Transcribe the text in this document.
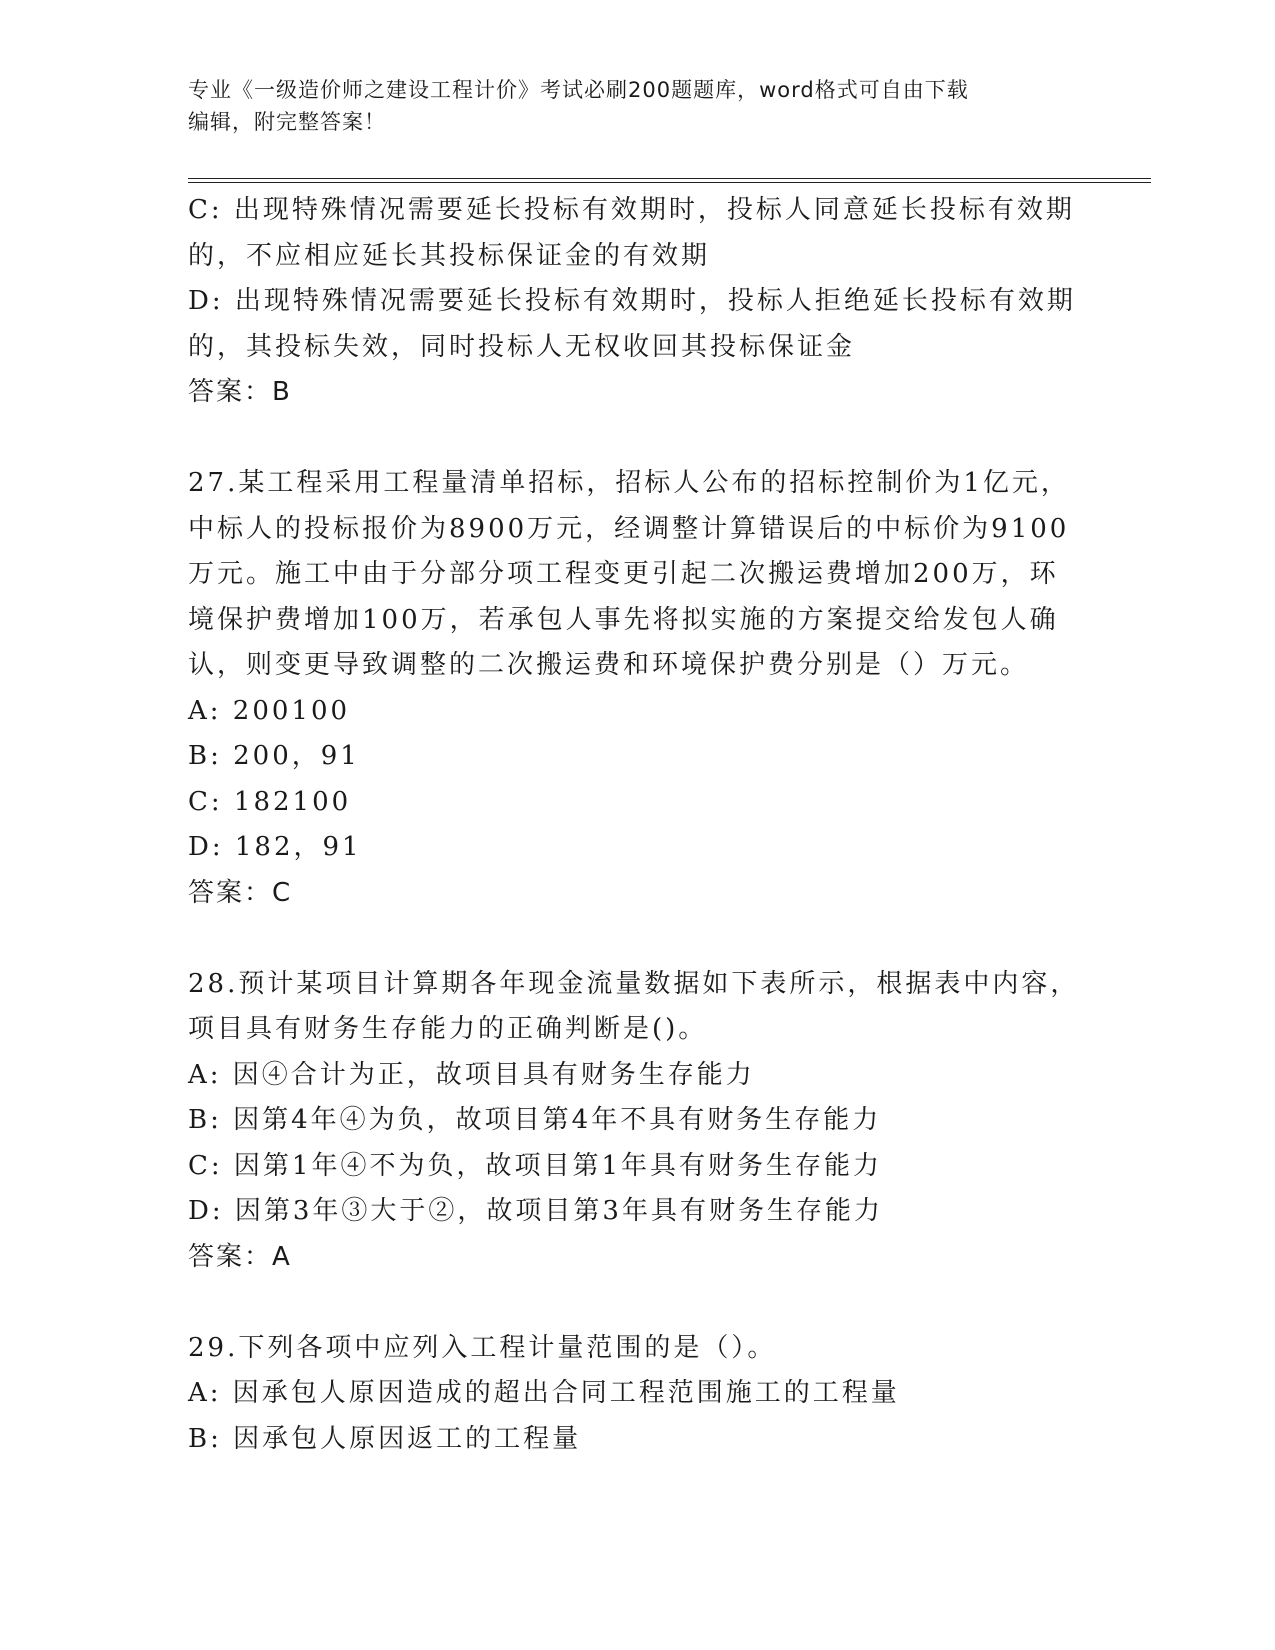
专业《一级造价师之建设工程计价》考试必刷200题题库，word格式可自由下载
编辑，附完整答案！
C: 出现特殊情况需要延长投标有效期时，投标人同意延长投标有效期
的，不应相应延长其投标保证金的有效期
D: 出现特殊情况需要延长投标有效期时，投标人拒绝延长投标有效期
的，其投标失效，同时投标人无权收回其投标保证金
答案：B
27.某工程采用工程量清单招标，招标人公布的招标控制价为1亿元，
中标人的投标报价为8900万元，经调整计算错误后的中标价为9100
万元。施工中由于分部分项工程变更引起二次搬运费增加200万，环
境保护费增加100万，若承包人事先将拟实施的方案提交给发包人确
认，则变更导致调整的二次搬运费和环境保护费分别是（）万元。
A: 200100
B: 200，91
C: 182100
D: 182，91
答案：C
28.预计某项目计算期各年现金流量数据如下表所示，根据表中内容，
项目具有财务生存能力的正确判断是()。
A: 因④合计为正，故项目具有财务生存能力
B: 因第4年④为负，故项目第4年不具有财务生存能力
C: 因第1年④不为负，故项目第1年具有财务生存能力
D: 因第3年③大于②，故项目第3年具有财务生存能力
答案：A
29.下列各项中应列入工程计量范围的是（）。
A: 因承包人原因造成的超出合同工程范围施工的工程量
B: 因承包人原因返工的工程量
